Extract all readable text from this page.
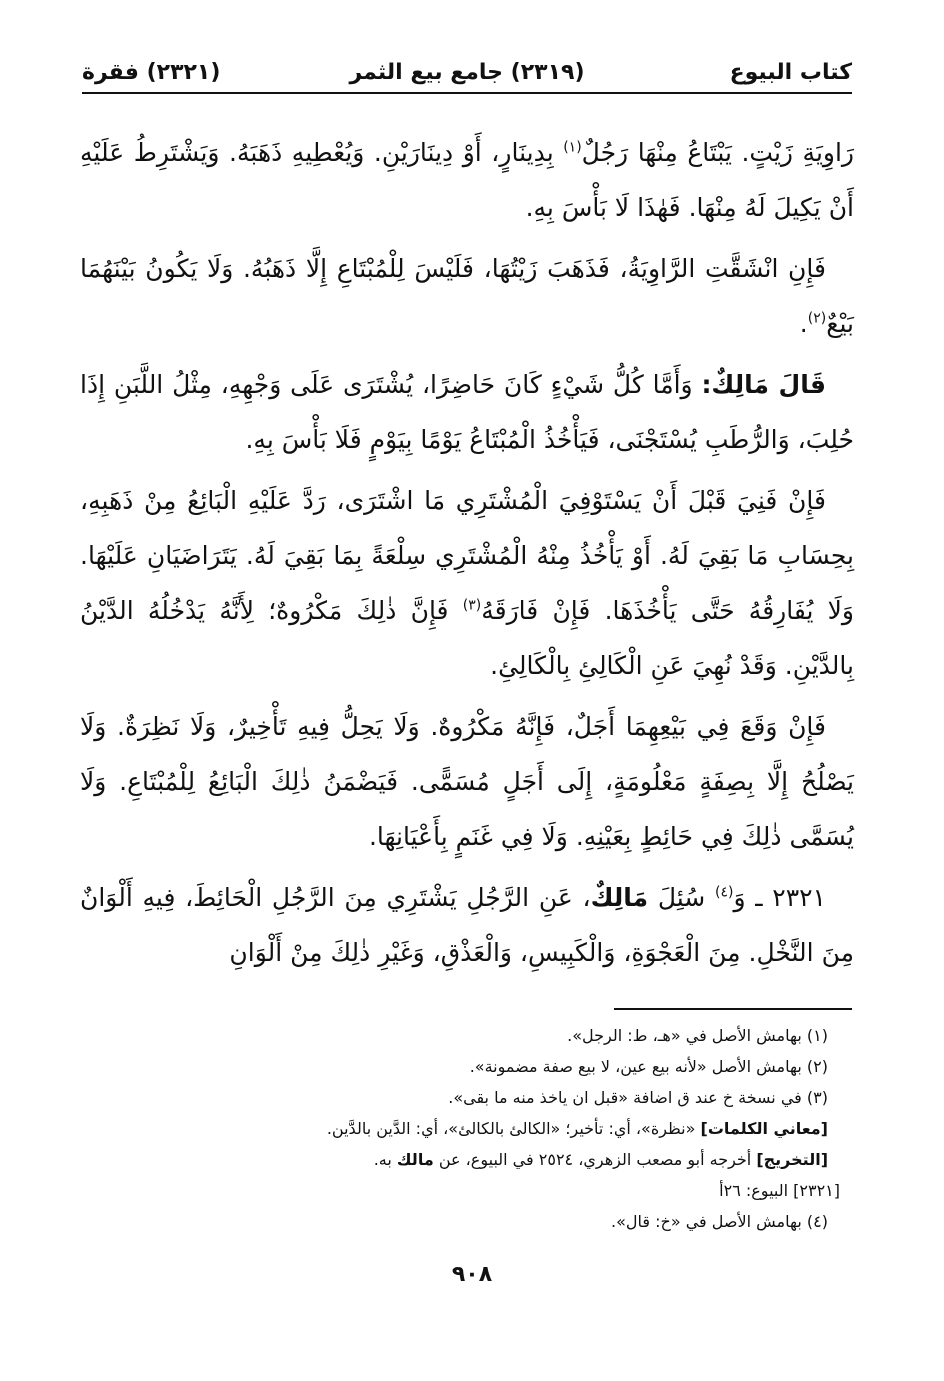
كتاب البيوع
(٢٣١٩) جامع بيع الثمر
(٢٣٢١) فقرة

رَاوِيَةِ زَيْتٍ. يَبْتَاعُ مِنْهَا رَجُلٌ$^{(١)}$ بِدِينَارٍ، أَوْ دِينَارَيْنِ. وَيُعْطِيهِ ذَهَبَهُ. وَيَشْتَرِطُ عَلَيْهِ أَنْ يَكِيلَ لَهُ مِنْهَا. فَهٰذَا لَا بَأْسَ بِهِ.

فَإِنِ انْشَقَّتِ الرَّاوِيَةُ، فَذَهَبَ زَيْتُهَا، فَلَيْسَ لِلْمُبْتَاعِ إِلَّا ذَهَبُهُ. وَلَا يَكُونُ بَيْنَهُمَا بَيْعٌ$^{(٢)}$.

قَالَ مَالِكٌ: وَأَمَّا كُلُّ شَيْءٍ كَانَ حَاضِرًا، يُشْتَرَى عَلَى وَجْهِهِ، مِثْلُ اللَّبَنِ إِذَا حُلِبَ، وَالرُّطَبِ يُسْتَجْنَى، فَيَأْخُذُ الْمُبْتَاعُ يَوْمًا بِيَوْمٍ فَلَا بَأْسَ بِهِ.

فَإِنْ فَنِيَ قَبْلَ أَنْ يَسْتَوْفِيَ الْمُشْتَرِي مَا اشْتَرَى، رَدَّ عَلَيْهِ الْبَائِعُ مِنْ ذَهَبِهِ، بِحِسَابِ مَا بَقِيَ لَهُ. أَوْ يَأْخُذُ مِنْهُ الْمُشْتَرِي سِلْعَةً بِمَا بَقِيَ لَهُ. يَتَرَاضَيَانِ عَلَيْهَا. وَلَا يُفَارِقُهُ حَتَّى يَأْخُذَهَا. فَإِنْ فَارَقَهُ$^{(٣)}$ فَإِنَّ ذٰلِكَ مَكْرُوهٌ؛ لِأَنَّهُ يَدْخُلُهُ الدَّيْنُ بِالدَّيْنِ. وَقَدْ نُهِيَ عَنِ الْكَالِئِ بِالْكَالِئِ.

فَإِنْ وَقَعَ فِي بَيْعِهِمَا أَجَلٌ، فَإِنَّهُ مَكْرُوهٌ. وَلَا يَحِلُّ فِيهِ تَأْخِيرٌ، وَلَا نَظِرَةٌ. وَلَا يَصْلُحُ إِلَّا بِصِفَةٍ مَعْلُومَةٍ، إِلَى أَجَلٍ مُسَمًّى. فَيَضْمَنُ ذٰلِكَ الْبَائِعُ لِلْمُبْتَاعِ. وَلَا يُسَمَّى ذٰلِكَ فِي حَائِطٍ بِعَيْنِهِ. وَلَا فِي غَنَمٍ بِأَعْيَانِهَا.

٢٣٢١ ـ وَ$^{(٤)}$ سُئِلَ مَالِكٌ، عَنِ الرَّجُلِ يَشْتَرِي مِنَ الرَّجُلِ الْحَائِطَ، فِيهِ أَلْوَانٌ مِنَ النَّخْلِ. مِنَ الْعَجْوَةِ، وَالْكَبِيسِ، وَالْعَذْقِ، وَغَيْرِ ذٰلِكَ مِنْ أَلْوَانِ

(١) بهامش الأصل في «هـ، ط: الرجل».
(٢) بهامش الأصل «لأنه بيع عين، لا بيع صفة مضمونة».
(٣) في نسخة خ عند ق اضافة «قبل ان ياخذ منه ما بقى».
[معاني الكلمات] «نظرة»، أي: تأخير؛ «الكالئ بالكالئ»، أي: الدَّين بالدَّين.
[التخريج] أخرجه أبو مصعب الزهري، ٢٥٢٤ في البيوع، عن مالك به.
[٢٣٢١] البيوع: ٢٦أ
(٤) بهامش الأصل في «خ: قال».
٩٠٨
